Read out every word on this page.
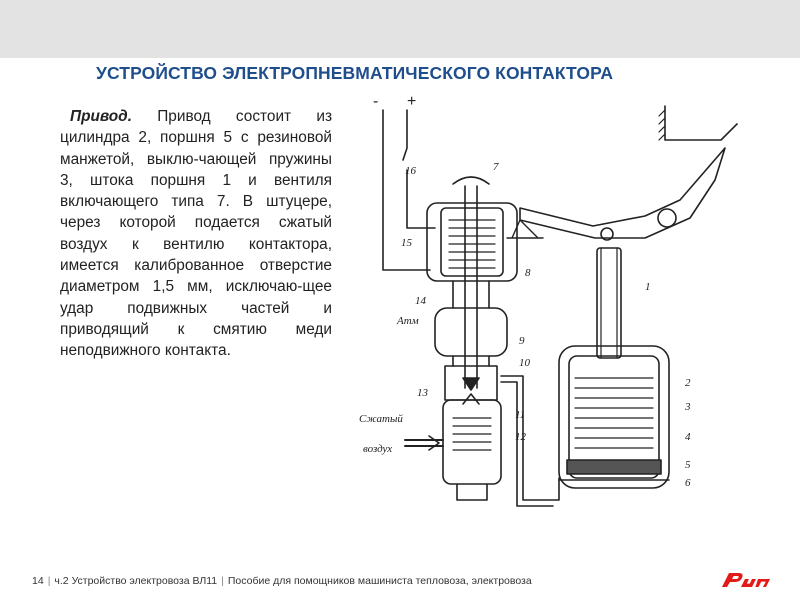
УСТРОЙСТВО ЭЛЕКТРОПНЕВМАТИЧЕСКОГО КОНТАКТОРА
Привод. Привод состоит из цилиндра 2, поршня 5 с резиновой манжетой, выклю-чающей пружины 3, штока поршня 1 и вентиля включающего типа 7. В штуцере, через которой подается сжатый воздух к вентилю контактора, имеется калиброванное отверстие диаметром 1,5 мм, исключаю-щее удар подвижных частей и приводящий к смятию меди неподвижного контакта.
- +
Атм
Сжатый
воздух
16	7
15
8
14
9
10
13
11
12
1
2
3
4
5
6
14 | ч.2 Устройство электровоза ВЛ11 | Пособие для помощников машиниста тепловоза, электровоза
